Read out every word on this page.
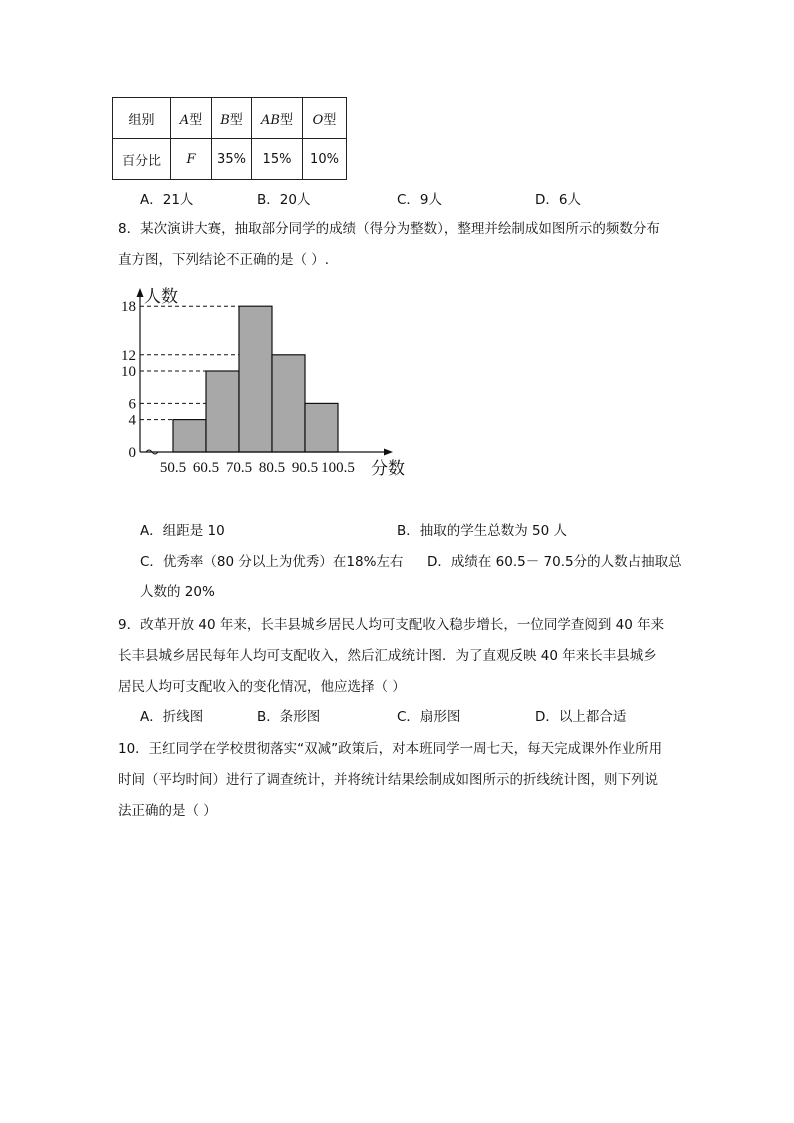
组别	A型	B型	AB型	O型
百分比	F	35%	15%	10%
A．21人	B．20人	C．9人	D．6人
8．某次演讲大赛，抽取部分同学的成绩（得分为整数），整理并绘制成如图所示的频数分布
直方图，下列结论不正确的是（ ）.
人数
分数
0
4
6
10
12
18
50.5 60.5 70.5 80.5 90.5 100.5
A．组距是 10	B．抽取的学生总数为 50 人
C．优秀率（80 分以上为优秀）在18%左右 D．成绩在 60.5－ 70.5分的人数占抽取总
人数的 20%
9．改革开放 40 年来，长丰县城乡居民人均可支配收入稳步增长，一位同学查阅到 40 年来
长丰县城乡居民每年人均可支配收入，然后汇成统计图．为了直观反映 40 年来长丰县城乡
居民人均可支配收入的变化情况，他应选择（ ）
A．折线图	B．条形图	C．扇形图	D．以上都合适
10．王红同学在学校贯彻落实“双减”政策后，对本班同学一周七天，每天完成课外作业所用
时间（平均时间）进行了调查统计，并将统计结果绘制成如图所示的折线统计图，则下列说
法正确的是（ ）
